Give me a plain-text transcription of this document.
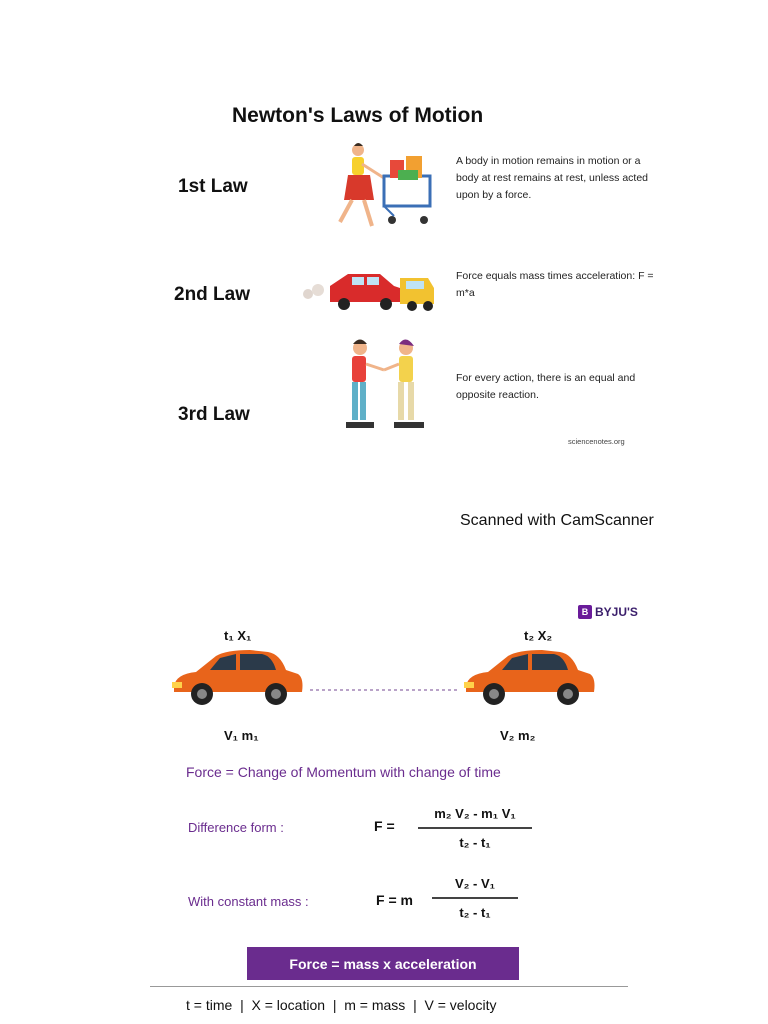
Newton's Laws of Motion
1st Law
A body in motion remains in motion or a body at rest remains at rest, unless acted upon by a force.
2nd Law
Force equals mass times acceleration: F = m*a
3rd Law
For every action, there is an equal and opposite reaction.
sciencenotes.org
Scanned with CamScanner
B BYJU'S
t₁ X₁	t₂ X₂
V₁ m₁	V₂ m₂
Force = Change of Momentum with change of time
Difference form :	F =
m₂ V₂ - m₁ V₁
t₂ - t₁
With constant mass :	F = m
V₂ - V₁
t₂ - t₁
Force = mass x acceleration
t = time  |  X = location  |  m = mass  |  V = velocity
